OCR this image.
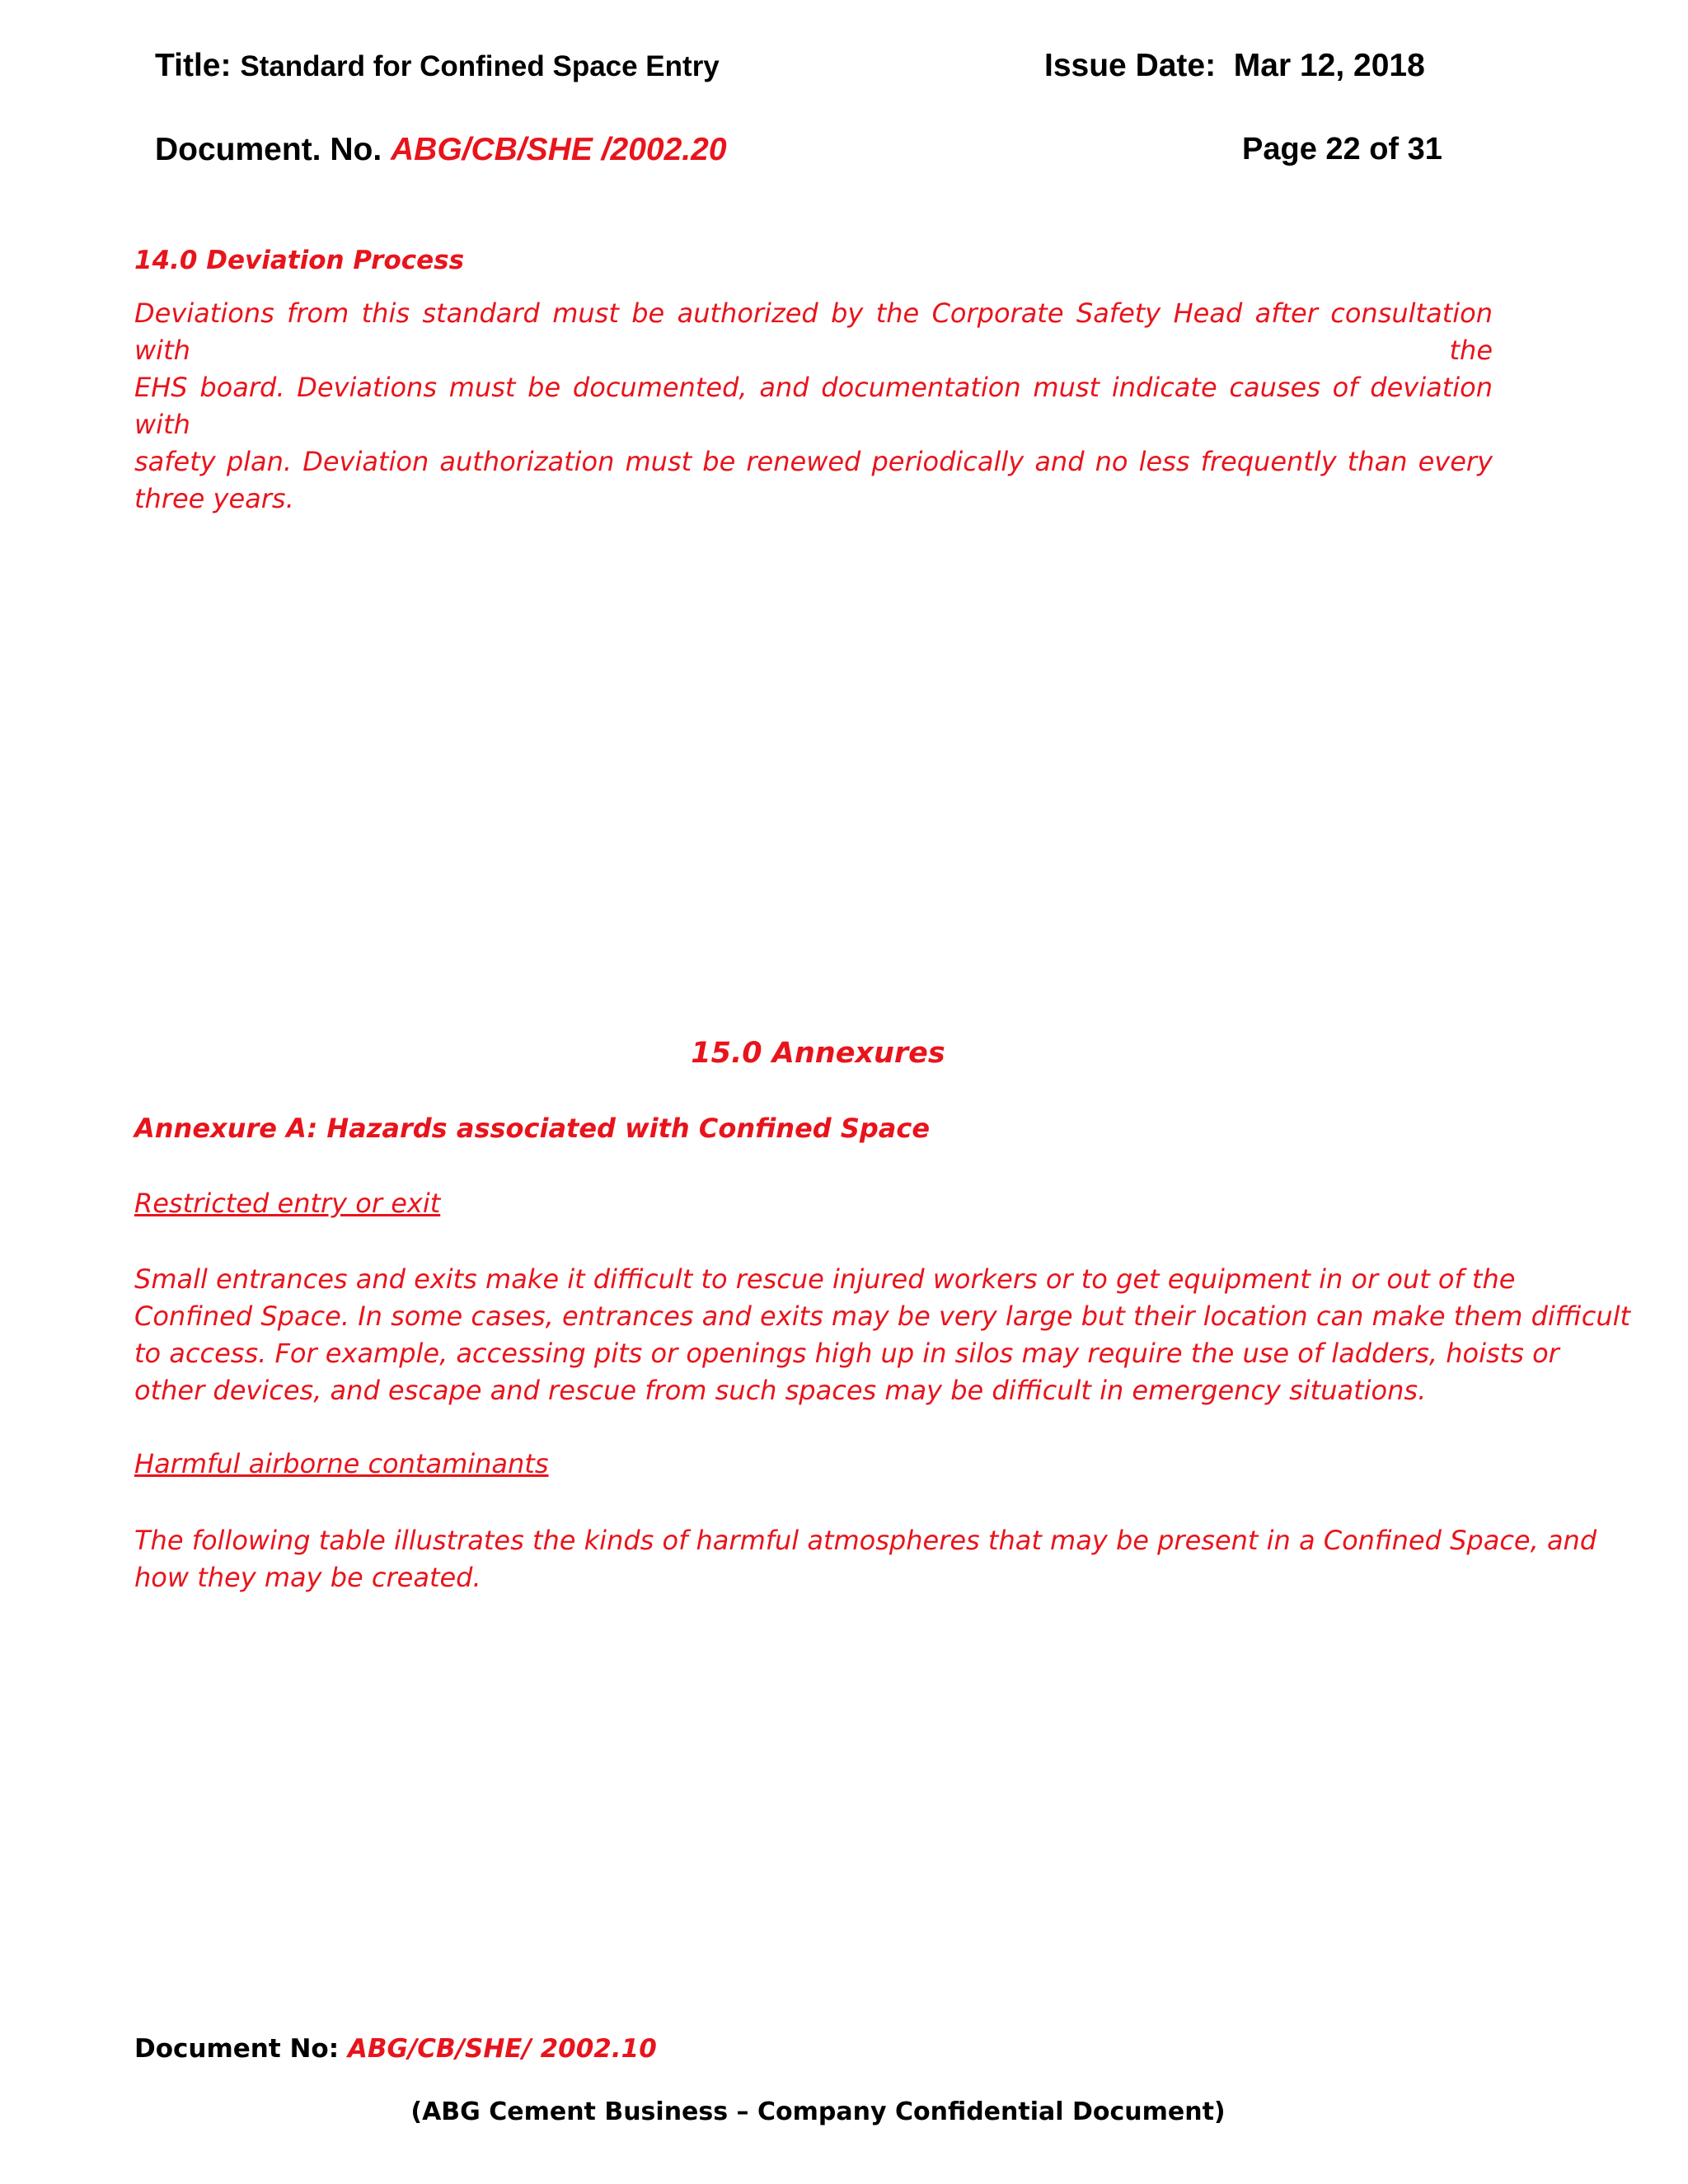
Title: Standard for Confined Space Entry	Issue Date: Mar 12, 2018
Document. No. ABG/CB/SHE /2002.20	Page 22 of 31
14.0 Deviation Process
Deviations from this standard must be authorized by the Corporate Safety Head after consultation with the
EHS board. Deviations must be documented, and documentation must indicate causes of deviation with
safety plan. Deviation authorization must be renewed periodically and no less frequently than every
three years.
15.0 Annexures
Annexure A: Hazards associated with Confined Space
Restricted entry or exit
Small entrances and exits make it difficult to rescue injured workers or to get equipment in or out of the
Confined Space. In some cases, entrances and exits may be very large but their location can make them difficult
to access. For example, accessing pits or openings high up in silos may require the use of ladders, hoists or
other devices, and escape and rescue from such spaces may be difficult in emergency situations.
Harmful airborne contaminants
The following table illustrates the kinds of harmful atmospheres that may be present in a Confined Space, and
how they may be created.
Document No: ABG/CB/SHE/ 2002.10
(ABG Cement Business – Company Confidential Document)
